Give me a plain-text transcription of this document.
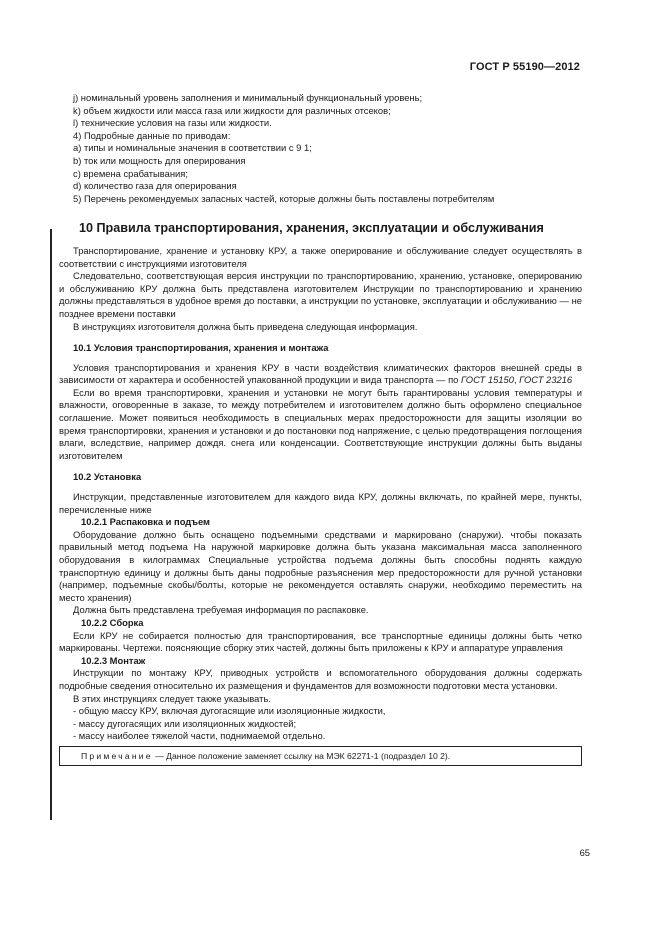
ГОСТ Р 55190—2012
j) номинальный уровень заполнения и минимальный функциональный уровень;
k) объем жидкости или масса газа или жидкости для различных отсеков;
l) технические условия на газы или жидкости.
4) Подробные данные по приводам:
a) типы и номинальные значения в соответствии с 9 1;
b) ток или мощность для оперирования
c) времена срабатывания;
d) количество газа для оперирования
5) Перечень рекомендуемых запасных частей, которые должны быть поставлены потребителям
10 Правила транспортирования, хранения, эксплуатации и обслуживания
Транспортирование, хранение и установку КРУ, а также оперирование и обслуживание следует осуществлять в соответствии с инструкциями изготовителя
Следовательно, соответствующая версия инструкции по транспортированию, хранению, установке, оперированию и обслуживанию КРУ должна быть представлена изготовителем Инструкции по транспортированию и хранению должны представляться в удобное время до поставки, а инструкции по установке, эксплуатации и обслуживанию — не позднее времени поставки
В инструкциях изготовителя должна быть приведена следующая информация.
10.1 Условия транспортирования, хранения и монтажа
Условия транспортирования и хранения КРУ в части воздействия климатических факторов внешней среды в зависимости от характера и особенностей упакованной продукции и вида транспорта — по ГОСТ 15150, ГОСТ 23216
Если во время транспортировки, хранения и установки не могут быть гарантированы условия температуры и влажности, оговоренные в заказе, то между потребителем и изготовителем должно быть оформлено специальное соглашение. Может появиться необходимость в специальных мерах предосторожности для защиты изоляции во время транспортировки, хранения и установки и до постановки под напряжение, с целью предотвращения поглощения влаги, вследствие, например дождя. снега или конденсации. Соответствующие инструкции должны быть выданы изготовителем
10.2 Установка
Инструкции, представленные изготовителем для каждого вида КРУ, должны включать, по крайней мере, пункты, перечисленные ниже
10.2.1 Распаковка и подъем
Оборудование должно быть оснащено подъемными средствами и маркировано (снаружи). чтобы показать правильный метод подъема На наружной маркировке должна быть указана максимальная масса заполненного оборудования в килограммах Специальные устройства подъема должны быть способны поднять каждую транспортную единицу и должны быть даны подробные разъяснения мер предосторожности для ручной установки (например, подъемные скобы/болты, которые не рекомендуется оставлять снаружи, необходимо переместить на место хранения)
Должна быть представлена требуемая информация по распаковке.
10.2.2 Сборка
Если КРУ не собирается полностью для транспортирования, все транспортные единицы должны быть четко маркированы. Чертежи. поясняющие сборку этих частей, должны быть приложены к КРУ и аппаратуре управления
10.2.3 Монтаж
Инструкции по монтажу КРУ, приводных устройств и вспомогательного оборудования должны содержать подробные сведения относительно их размещения и фундаментов для возможности подготовки места установки.
В этих инструкциях следует также указывать.
- общую массу КРУ, включая дугогасящие или изоляционные жидкости,
- массу дугогасящих или изоляционных жидкостей;
- массу наиболее тяжелой части, поднимаемой отдельно.
Примечание — Данное положение заменяет ссылку на МЭК 62271-1 (подраздел 10 2).
65
